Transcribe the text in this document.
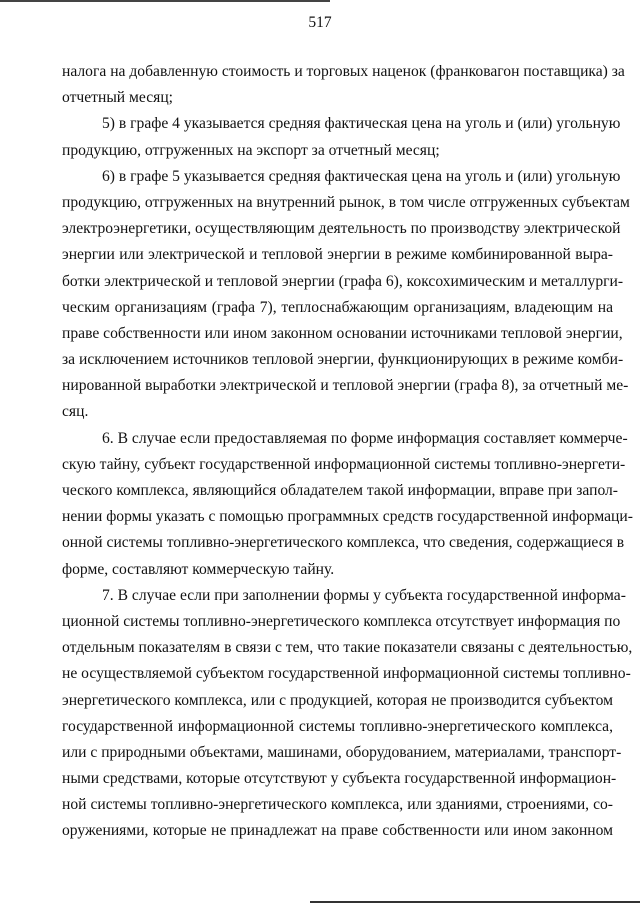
517
налога на добавленную стоимость и торговых наценок (франковагон поставщика) за
отчетный месяц;
5) в графе 4 указывается средняя фактическая цена на уголь и (или) угольную
продукцию, отгруженных на экспорт за отчетный месяц;
6) в графе 5 указывается средняя фактическая цена на уголь и (или) угольную
продукцию, отгруженных на внутренний рынок, в том числе отгруженных субъектам
электроэнергетики, осуществляющим деятельность по производству электрической
энергии или электрической и тепловой энергии в режиме комбинированной выра-
ботки электрической и тепловой энергии (графа 6), коксохимическим и металлурги-
ческим организациям (графа 7), теплоснабжающим организациям, владеющим на
праве собственности или ином законном основании источниками тепловой энергии,
за исключением источников тепловой энергии, функционирующих в режиме комби-
нированной выработки электрической и тепловой энергии (графа 8), за отчетный ме-
сяц.
6. В случае если предоставляемая по форме информация составляет коммерче-
скую тайну, субъект государственной информационной системы топливно-энергети-
ческого комплекса, являющийся обладателем такой информации, вправе при запол-
нении формы указать с помощью программных средств государственной информаци-
онной системы топливно-энергетического комплекса, что сведения, содержащиеся в
форме, составляют коммерческую тайну.
7. В случае если при заполнении формы у субъекта государственной информа-
ционной системы топливно-энергетического комплекса отсутствует информация по
отдельным показателям в связи с тем, что такие показатели связаны с деятельностью,
не осуществляемой субъектом государственной информационной системы топливно-
энергетического комплекса, или с продукцией, которая не производится субъектом
государственной информационной системы топливно-энергетического комплекса,
или с природными объектами, машинами, оборудованием, материалами, транспорт-
ными средствами, которые отсутствуют у субъекта государственной информацион-
ной системы топливно-энергетического комплекса, или зданиями, строениями, со-
оружениями, которые не принадлежат на праве собственности или ином законном
